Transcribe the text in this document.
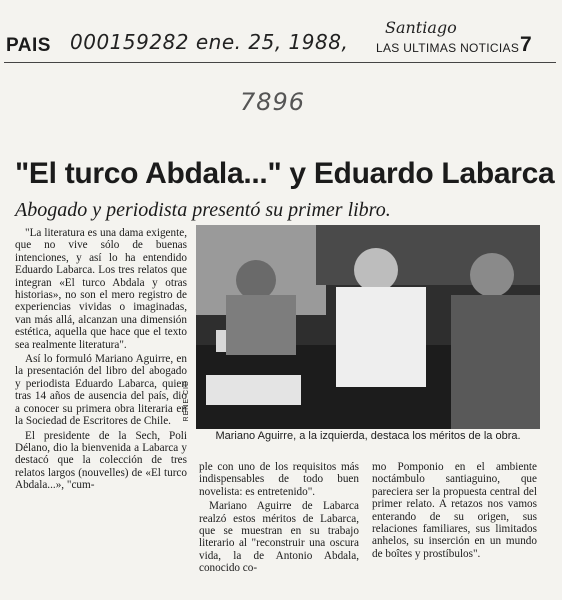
PAIS 000159282 ene. 25, 1988,
Santiago
LAS ULTIMAS NOTICIAS 7
7896
"El turco Abdala..." y Eduardo Labarca
Abogado y periodista presentó su primer libro.

"La literatura es una dama exigente, que no vive sólo de buenas intenciones, y así lo ha entendido Eduardo Labarca. Los tres relatos que integran «El turco Abdala y otras historias», no son el mero registro de experiencias vividas o imaginadas, van más allá, alcanzan una dimensión estética, aquella que hace que el texto sea realmente literatura".

Así lo formuló Mariano Aguirre, en la presentación del libro del abogado y periodista Eduardo Labarca, quien tras 14 años de ausencia del país, dio a conocer su primera obra literaria en la Sociedad de Escritores de Chile.

El presidente de la Sech, Poli Délano, dio la bienvenida a Labarca y destacó que la colección de tres relatos largos (nouvelles) de «El turco Abdala...», "cum-

RENE CID
Mariano Aguirre, a la izquierda, destaca los méritos de la obra.

ple con uno de los requisitos más indispensables de todo buen novelista: es entretenido".

Mariano Aguirre de Labarca realzó estos méritos de Labarca, que se muestran en su trabajo literario al "reconstruir una oscura vida, la de Antonio Abdala, conocido co-

mo Pomponio en el ambiente noctámbulo santiaguino, que pareciera ser la propuesta central del primer relato. A retazos nos vamos enterando de su origen, sus relaciones familiares, sus limitados anhelos, su inserción en un mundo de boîtes y prostíbulos".
